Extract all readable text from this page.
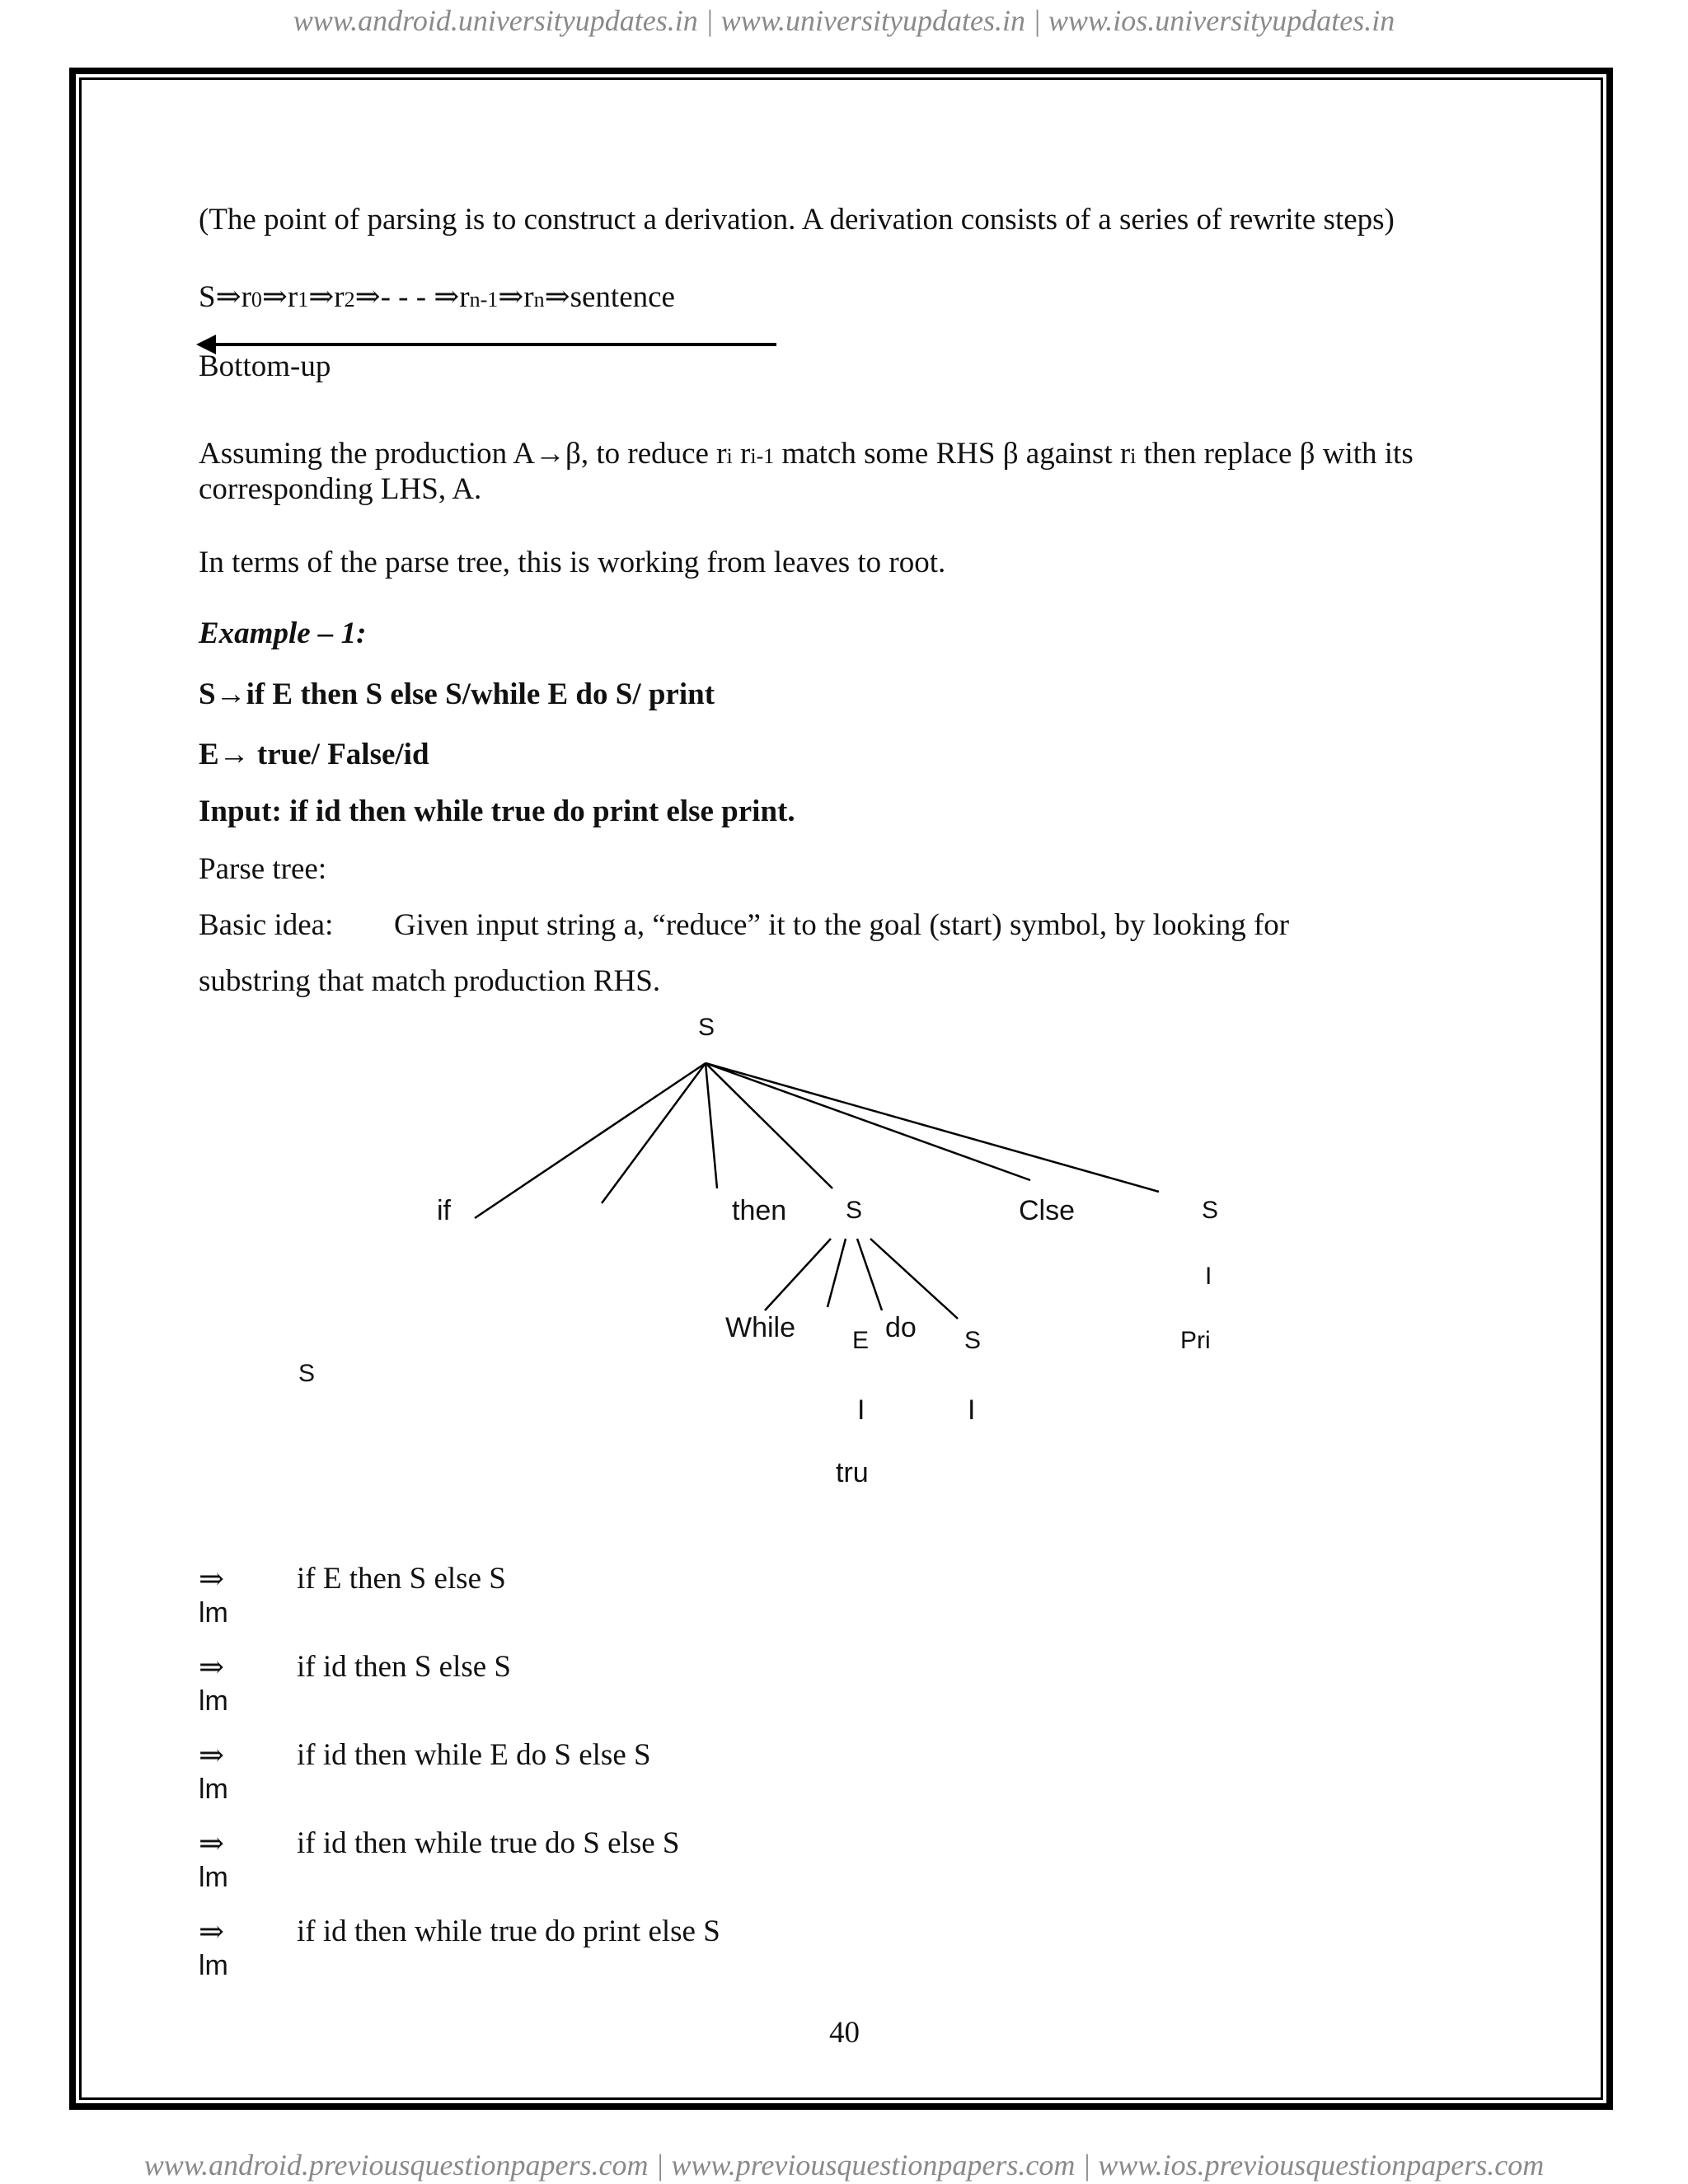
www.android.universityupdates.in | www.universityupdates.in | www.ios.universityupdates.in
(The point of parsing is to construct a derivation. A derivation consists of a series of rewrite steps)
S⇒r0⇒r1⇒r2⇒- - - ⇒rn-1⇒rn⇒sentence
Bottom-up
Assuming the production A→β, to reduce ri ri-1 match some RHS β against ri then replace β with its
corresponding LHS, A.
In terms of the parse tree, this is working from leaves to root.
Example – 1:
S→if E then S else S/while E do S/ print
E→ true/ False/id
Input: if id then while true do print else print.
Parse tree:
Basic idea: Given input string a, “reduce” it to the goal (start) symbol, by looking for
substring that match production RHS.
S
if	then S	Clse	S
I
Pri
While E do S
I	I
tru
S
⇒
lm
if E then S else S
⇒
lm
if id then S else S
⇒
lm
if id then while E do S else S
⇒
lm
if id then while true do S else S
⇒
lm
if id then while true do print else S
40
www.android.previousquestionpapers.com | www.previousquestionpapers.com | www.ios.previousquestionpapers.com
